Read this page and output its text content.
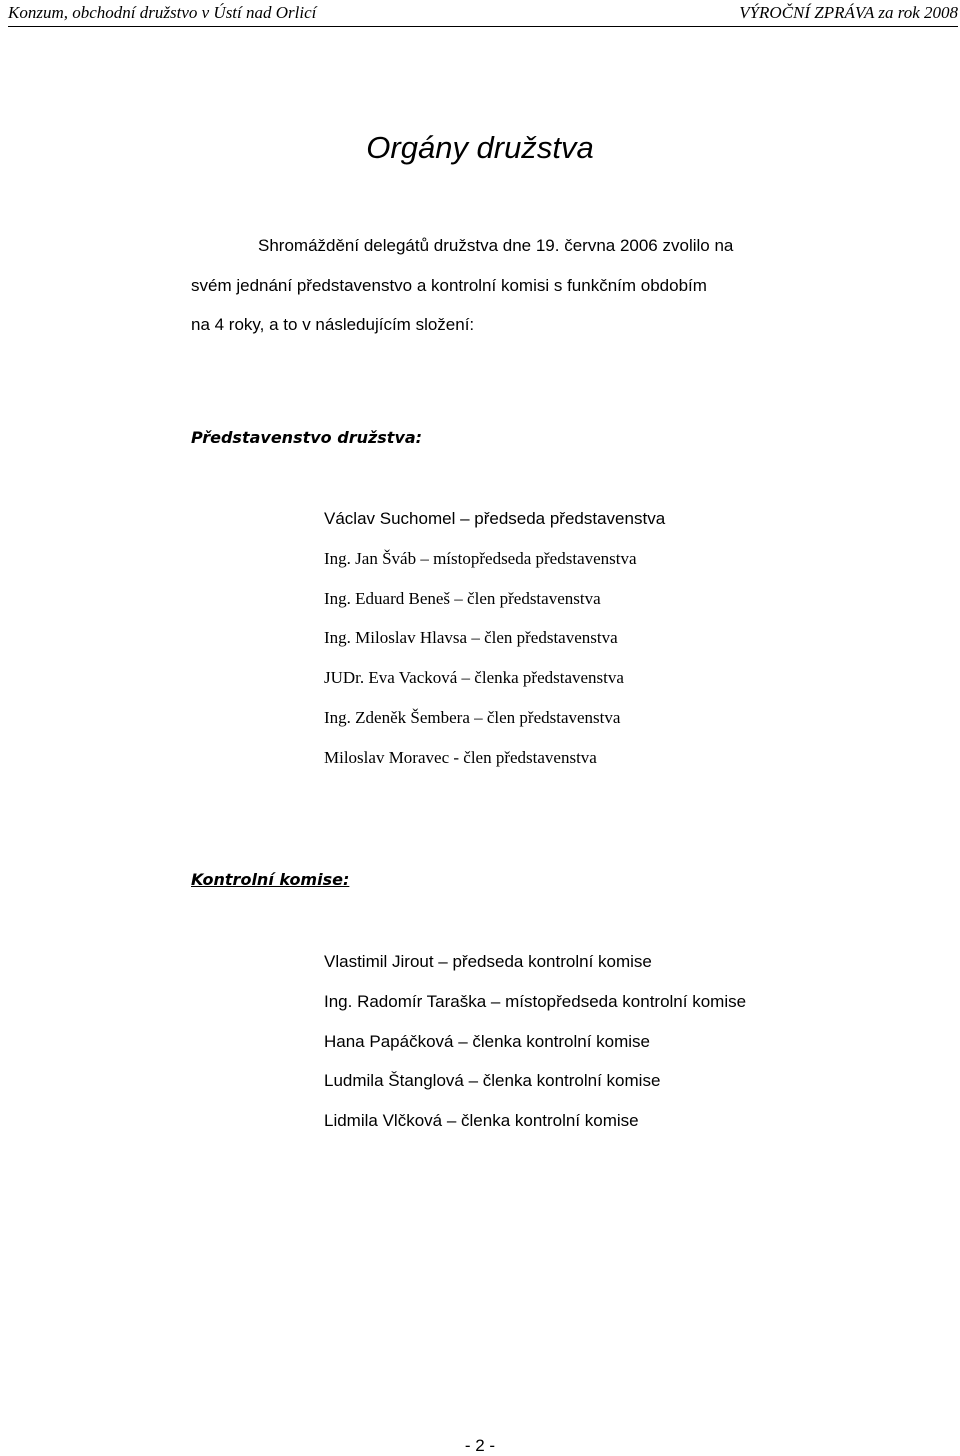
Konzum, obchodní družstvo v Ústí nad Orlicí	VÝROČNÍ ZPRÁVA za rok 2008
Orgány družstva
Shromáždění delegátů družstva dne 19. června 2006 zvolilo na
svém jednání představenstvo a kontrolní komisi s funkčním obdobím
na 4 roky, a to v následujícím složení:
Představenstvo družstva:
Václav Suchomel – předseda představenstva
Ing. Jan Šváb – místopředseda představenstva
Ing. Eduard Beneš – člen představenstva
Ing. Miloslav Hlavsa – člen představenstva
JUDr. Eva Vacková – členka představenstva
Ing. Zdeněk Šembera – člen představenstva
Miloslav Moravec - člen představenstva
Kontrolní komise:
Vlastimil Jirout – předseda kontrolní komise
Ing. Radomír Taraška – místopředseda kontrolní komise
Hana Papáčková – členka kontrolní komise
Ludmila Štanglová – členka kontrolní komise
Lidmila Vlčková – členka kontrolní komise
- 2 -
